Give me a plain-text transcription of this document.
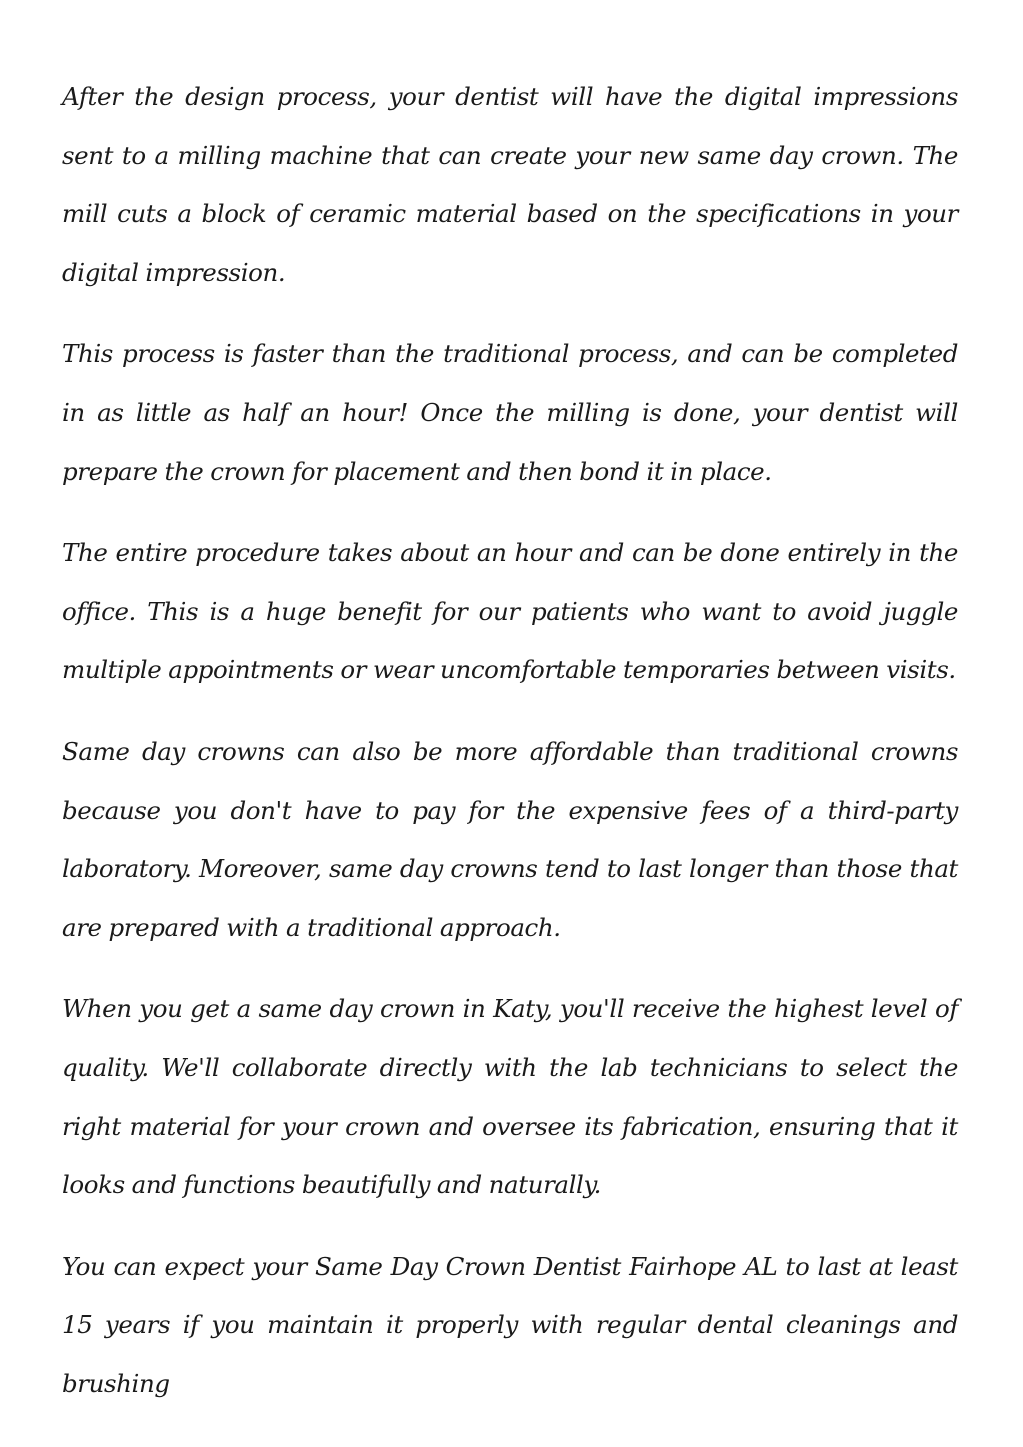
After the design process, your dentist will have the digital impressions sent to a milling machine that can create your new same day crown. The mill cuts a block of ceramic material based on the specifications in your digital impression.

This process is faster than the traditional process, and can be completed in as little as half an hour! Once the milling is done, your dentist will prepare the crown for placement and then bond it in place.

The entire procedure takes about an hour and can be done entirely in the office. This is a huge benefit for our patients who want to avoid juggle multiple appointments or wear uncomfortable temporaries between visits.

Same day crowns can also be more affordable than traditional crowns because you don't have to pay for the expensive fees of a third-party laboratory. Moreover, same day crowns tend to last longer than those that are prepared with a traditional approach.

When you get a same day crown in Katy, you'll receive the highest level of quality. We'll collaborate directly with the lab technicians to select the right material for your crown and oversee its fabrication, ensuring that it looks and functions beautifully and naturally.

You can expect your Same Day Crown Dentist Fairhope AL to last at least 15 years if you maintain it properly with regular dental cleanings and brushing
